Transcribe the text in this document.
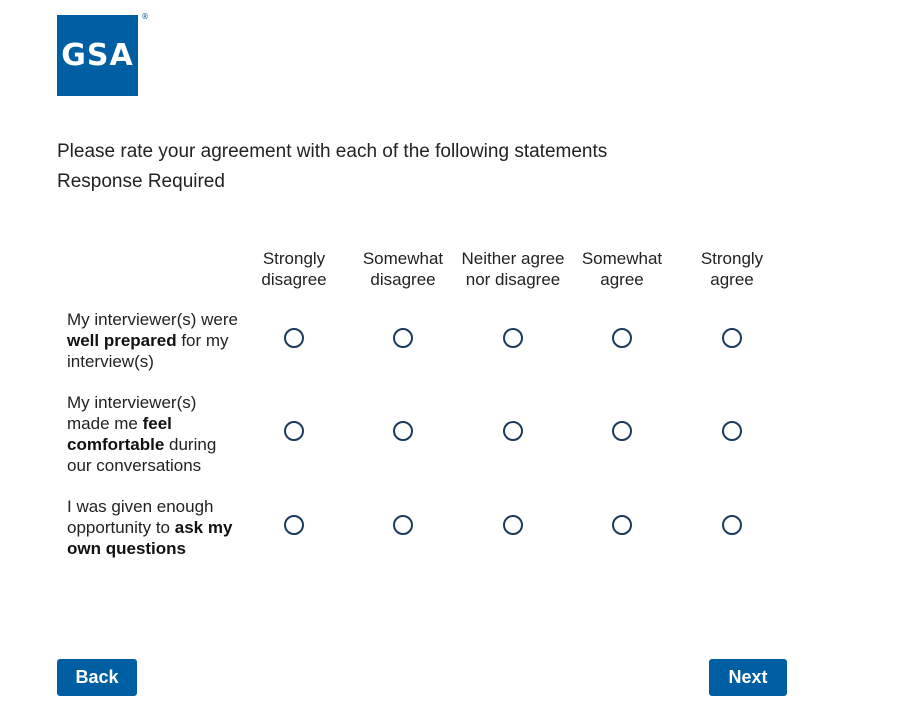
GSA
®
Please rate your agreement with each of the following statements
Response Required
Strongly disagree
Somewhat disagree
Neither agree nor disagree
Somewhat agree
Strongly agree
My interviewer(s) were well prepared for my interview(s)
My interviewer(s) made me feel comfortable during our conversations
I was given enough opportunity to ask my own questions
Back	Next
